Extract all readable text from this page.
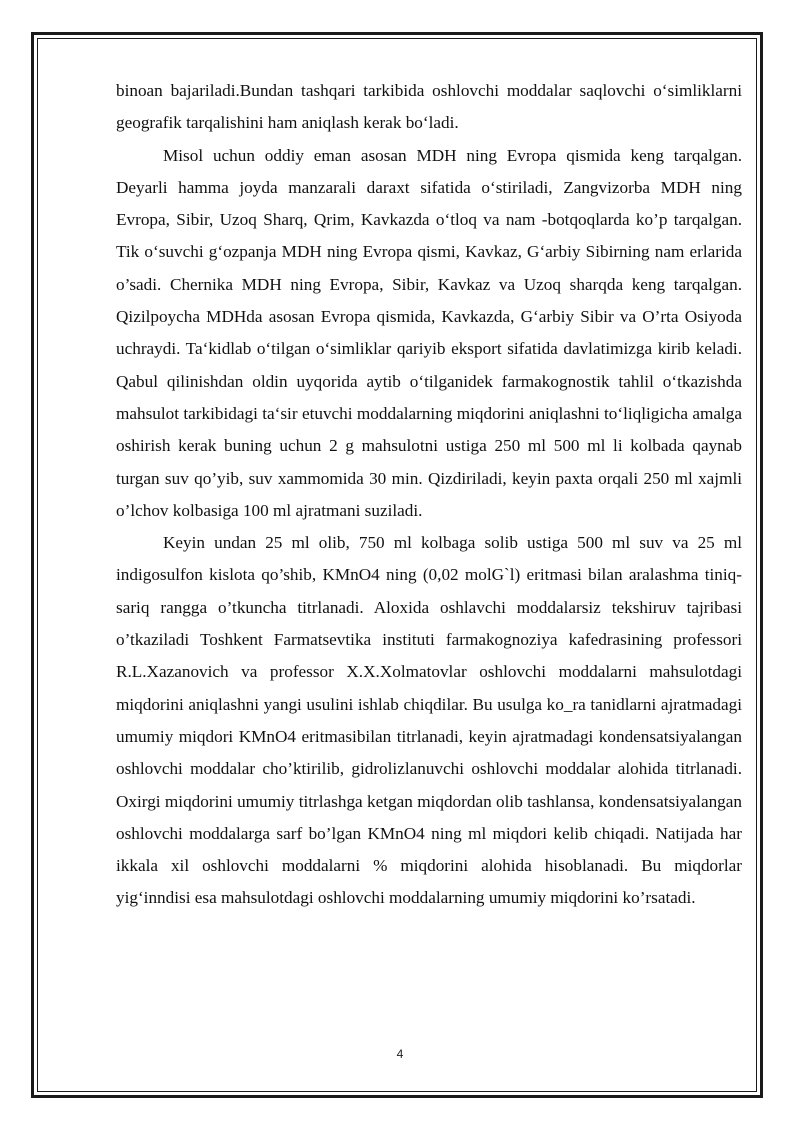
binoan bajariladi.Bundan tashqari tarkibida oshlovchi moddalar saqlovchi o‘simliklarni geografik tarqalishini ham aniqlash kerak bo‘ladi.

Misol uchun oddiy eman asosan MDH ning Evropa qismida keng tarqalgan. Deyarli hamma joyda manzarali daraxt sifatida o‘stiriladi, Zangvizorba MDH ning Evropa, Sibir, Uzoq Sharq, Qrim, Kavkazda o‘tloq va nam -botqoqlarda ko’p tarqalgan. Tik o‘suvchi g‘ozpanja MDH ning Evropa qismi, Kavkaz, G‘arbiy Sibirning nam erlarida o’sadi. Chernika MDH ning Evropa, Sibir, Kavkaz va Uzoq sharqda keng tarqalgan. Qizilpoycha MDHda asosan Evropa qismida, Kavkazda, G‘arbiy Sibir va O’rta Osiyoda uchraydi. Ta‘kidlab o‘tilgan o‘simliklar qariyib eksport sifatida davlatimizga kirib keladi. Qabul qilinishdan oldin uyqorida aytib o‘tilganidek farmakognostik tahlil o‘tkazishda mahsulot tarkibidagi ta‘sir etuvchi moddalarning miqdorini aniqlashni to‘liqligicha amalga oshirish kerak buning uchun 2 g mahsulotni ustiga 250 ml 500 ml li kolbada qaynab turgan suv qo’yib, suv xammomida 30 min. Qizdiriladi, keyin paxta orqali 250 ml xajmli o’lchov kolbasiga 100 ml ajratmani suziladi.

Keyin undan 25 ml olib, 750 ml kolbaga solib ustiga 500 ml suv va 25 ml indigosulfon kislota qo’shib, KMnO4 ning (0,02 molG`l) eritmasi bilan aralashma tiniq-sariq rangga o’tkuncha titrlanadi. Aloxida oshlavchi moddalarsiz tekshiruv tajribasi o’tkaziladi Toshkent Farmatsevtika instituti farmakognoziya kafedrasining professori R.L.Xazanovich va professor X.X.Xolmatovlar oshlovchi moddalarni mahsulotdagi miqdorini aniqlashni yangi usulini ishlab chiqdilar. Bu usulga ko_ra tanidlarni ajratmadagi umumiy miqdori KMnO4 eritmasibilan titrlanadi, keyin ajratmadagi kondensatsiyalangan oshlovchi moddalar cho’ktirilib, gidrolizlanuvchi oshlovchi moddalar alohida titrlanadi. Oxirgi miqdorini umumiy titrlashga ketgan miqdordan olib tashlansa, kondensatsiyalangan oshlovchi moddalarga sarf bo’lgan KMnO4 ning ml miqdori kelib chiqadi. Natijada har ikkala xil oshlovchi moddalarni % miqdorini alohida hisoblanadi. Bu miqdorlar yig‘inndisi esa mahsulotdagi oshlovchi moddalarning umumiy miqdorini ko’rsatadi.

4
